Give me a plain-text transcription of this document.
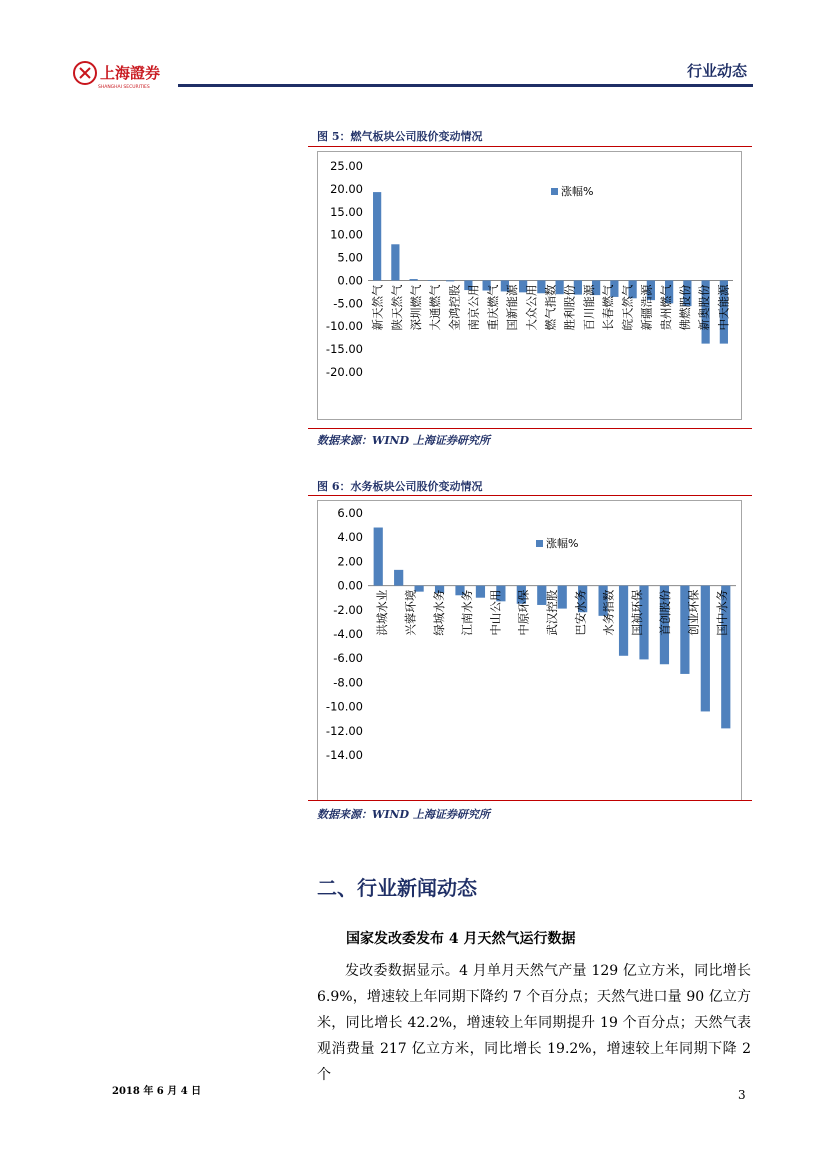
上海證券
SHANGHAI SECURITIES
行业动态
图 5：燃气板块公司股价变动情况
25.00
20.00
15.00
10.00
5.00
0.00
-5.00
-10.00
-15.00
-20.00
新天然气 陕天然气 深圳燃气 大通燃气 金鸿控股 南京公用 重庆燃气 国新能源 大众公用 燃气指数 胜利股份 百川能源 长春燃气 皖天然气 新疆浩源 贵州燃气 佛燃股份 新奥股份 中天能源
涨幅%
数据来源：WIND 上海证券研究所
图 6：水务板块公司股价变动情况
6.00
4.00
2.00
0.00
-2.00
-4.00
-6.00
-8.00
-10.00
-12.00
-14.00
洪城水业 兴蓉环境 绿城水务 江南水务 中山公用 中原环保 武汉控股 巴安水务 水务指数 国祯环保 首创股份 创业环保 国中水务
涨幅%
数据来源：WIND 上海证券研究所
二、行业新闻动态
国家发改委发布 4 月天然气运行数据
发改委数据显示。4 月单月天然气产量 129 亿立方米，同比增长 6.9%，增速较上年同期下降约 7 个百分点；天然气进口量 90 亿立方米，同比增长 42.2%，增速较上年同期提升 19 个百分点；天然气表观消费量 217 亿立方米，同比增长 19.2%，增速较上年同期下降 2 个
2018 年 6 月 4 日	3
